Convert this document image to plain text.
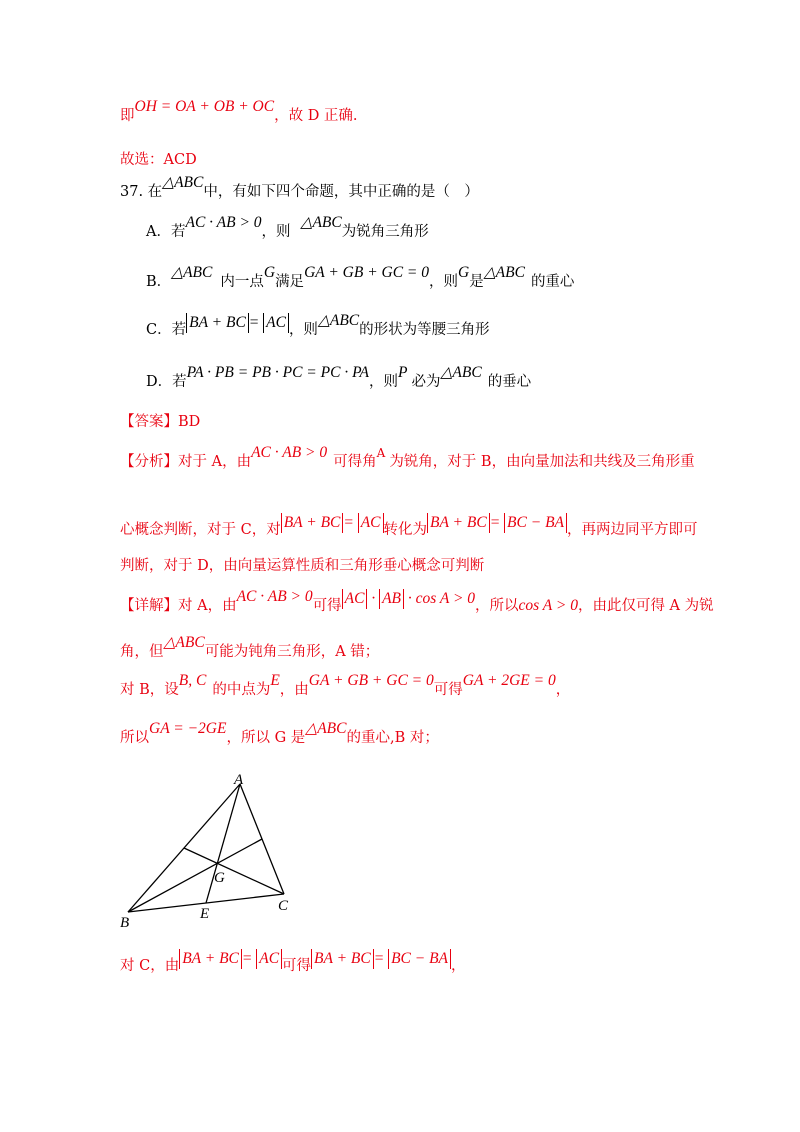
即OH = OA + OB + OC，故 D 正确.
故选：ACD
37. 在△ABC中，有如下四个命题，其中正确的是（　）
A．若AC · AB > 0，则△ABC为锐角三角形
B．△ABC内一点G满足GA + GB + GC = 0，则G是△ABC的重心
C．若 BA + BC = AC ，则△ABC的形状为等腰三角形
D．若PA · PB = PB · PC = PC · PA，则P必为△ABC的垂心
【答案】BD
【分析】对于 A，由AC · AB > 0可得角$^A$为锐角，对于 B，由向量加法和共线及三角形重
心概念判断，对于 C，对 BA + BC = AC 转化为 BA + BC = BC − BA ，再两边同平方即可
判断，对于 D，由向量运算性质和三角形垂心概念可判断
【详解】对 A，由AC · AB > 0可得 AC · AB · cos A > 0，所以cos A > 0，由此仅可得 A 为锐
角，但△ABC可能为钝角三角形，A 错；
对 B，设B, C的中点为E，由GA + GB + GC = 0可得GA + 2GE = 0，
所以GA = −2GE，所以 G 是△ABC的重心,B 对；
A
B
C
G
E
对 C，由 BA + BC = AC 可得 BA + BC = BC − BA ，
